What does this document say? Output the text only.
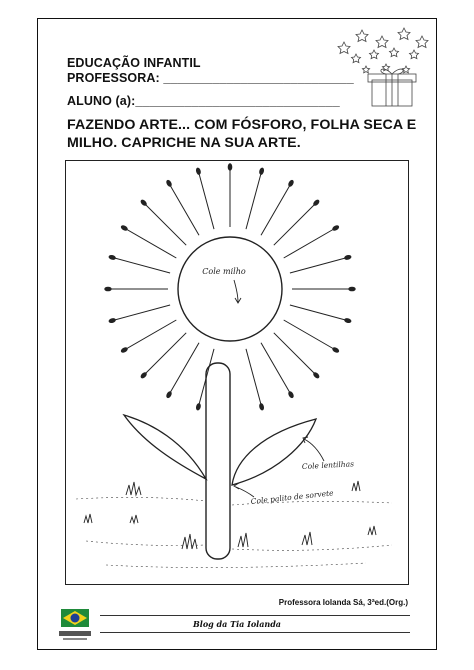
EDUCAÇÃO INFANTIL
PROFESSORA: ___________________________
ALUNO (a):_____________________________
FAZENDO ARTE... COM FÓSFORO, FOLHA SECA E MILHO. CAPRICHE NA SUA ARTE.
Cole milho
Cole lentilhas
Cole palito de sorvete
Professora Iolanda Sá, 3ªed.(Org.)
Blog da Tia Iolanda
